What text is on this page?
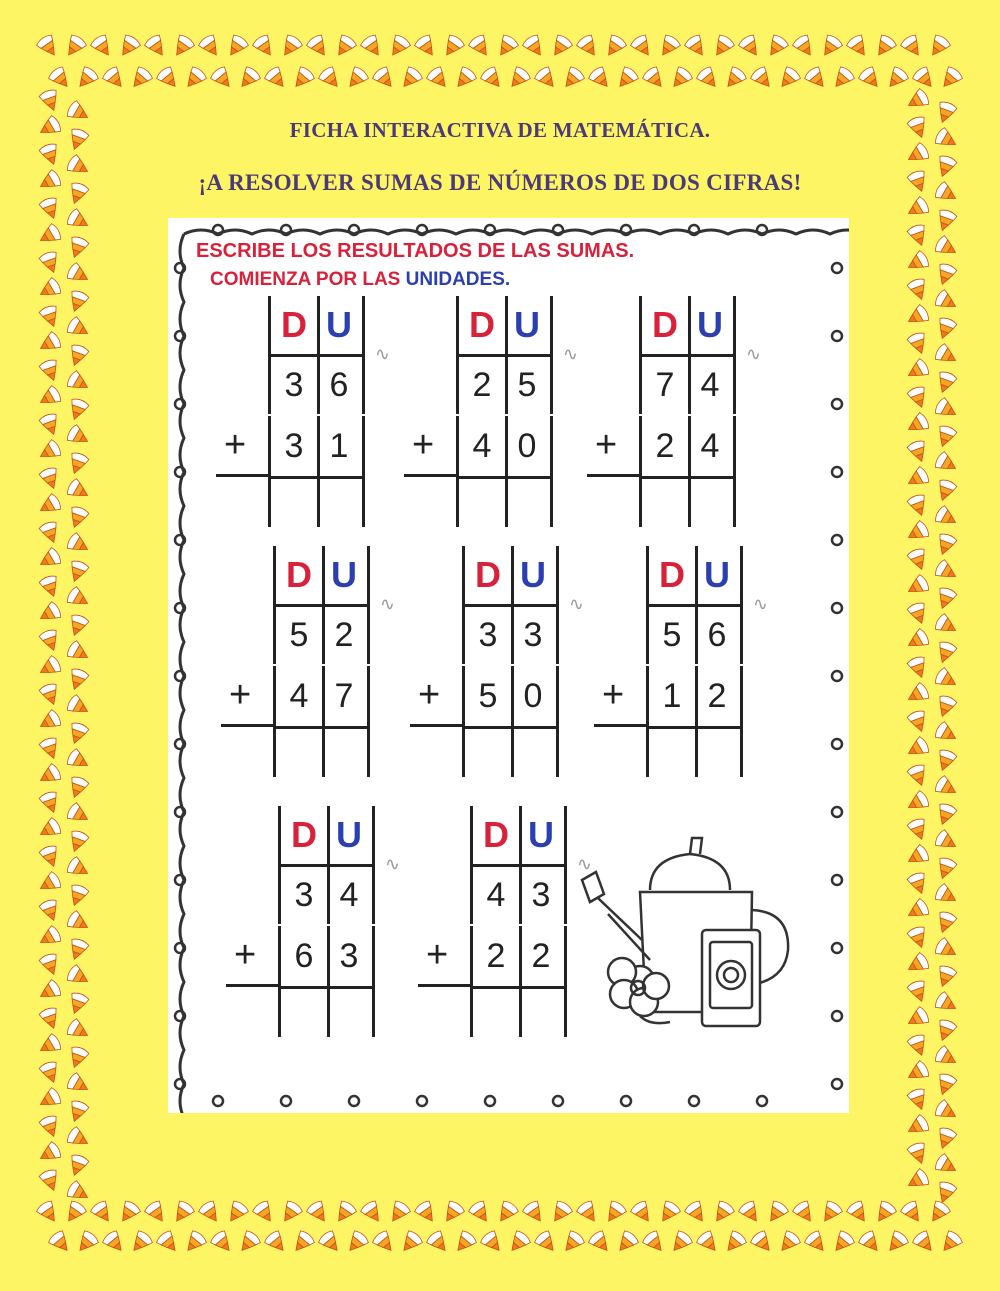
FICHA INTERACTIVA DE MATEMÁTICA.
¡A RESOLVER SUMAS DE NÚMEROS DE DOS CIFRAS!
ESCRIBE LOS RESULTADOS DE LAS SUMAS.
COMIENZA POR LAS UNIDADES.
D U
3 6
3 1
+
∿
D U
2 5
4 0
+
∿
D U
7 4
2 4
+
∿
D U
5 2
4 7
+
∿
D U
3 3
5 0
+
∿
D U
5 6
1 2
+
∿
D U
3 4
6 3
+
∿
D U
4 3
2 2
+
∿
